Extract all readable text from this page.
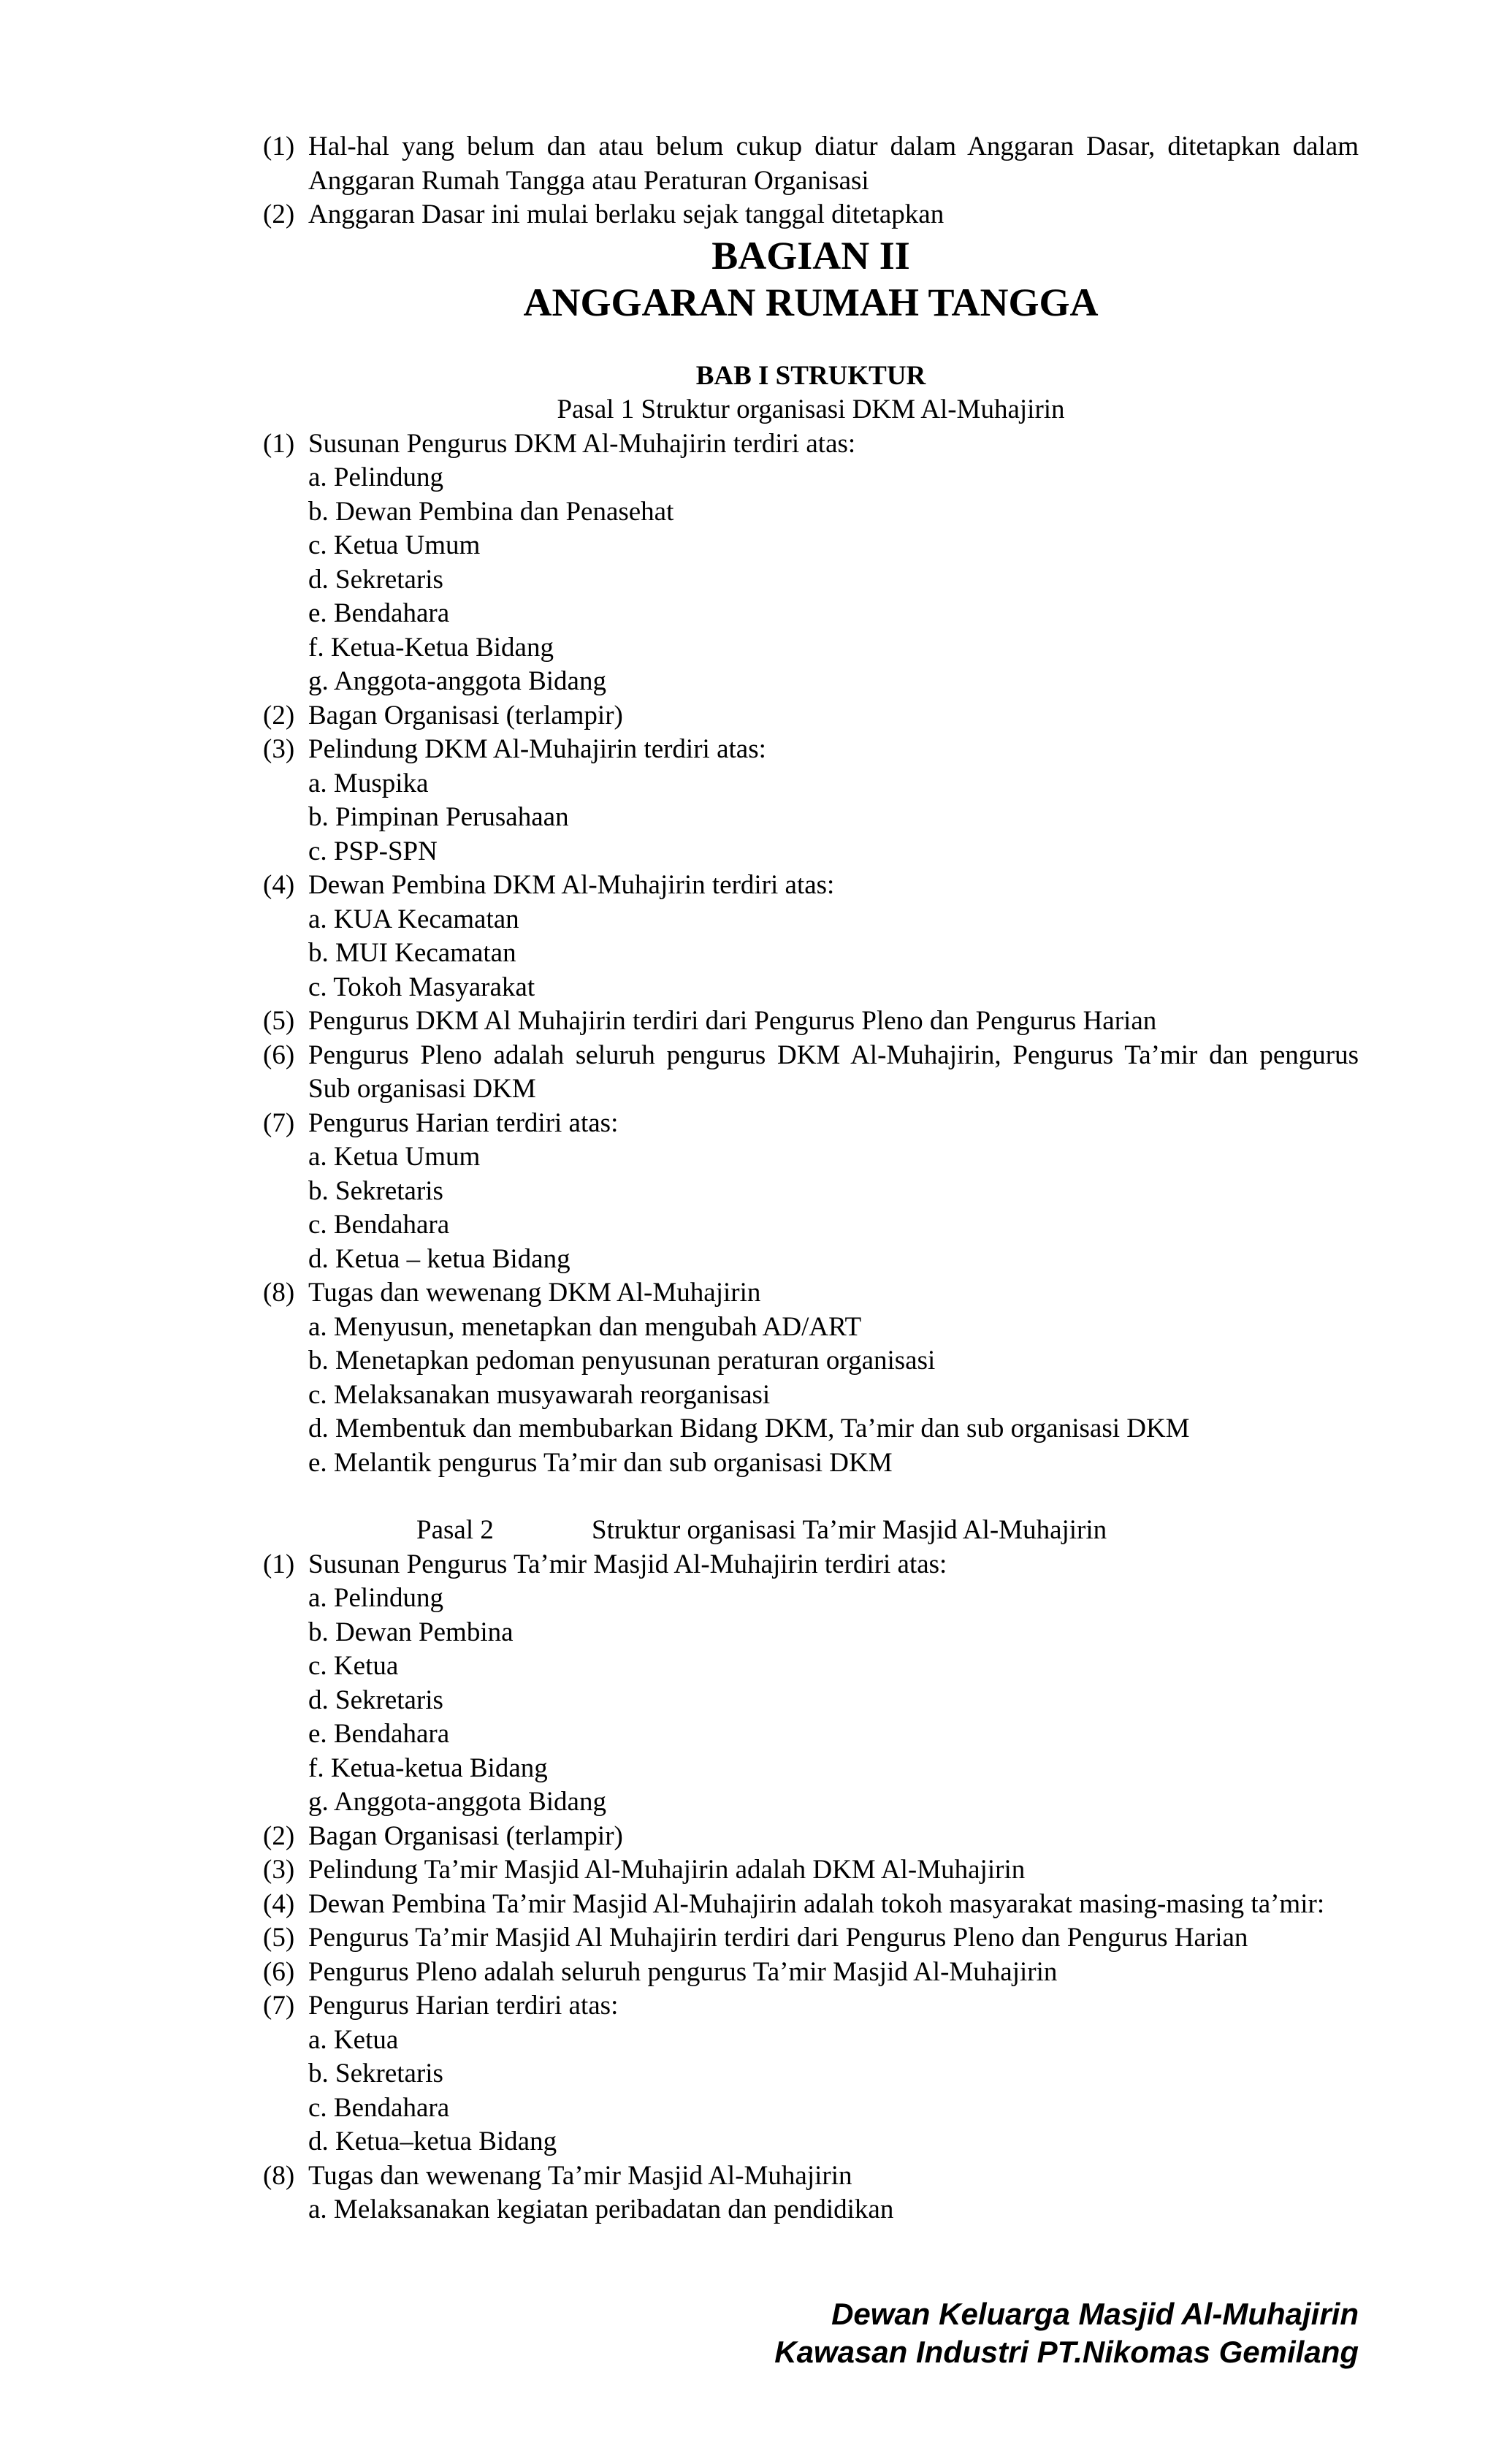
(1) Hal-hal yang belum dan atau belum cukup diatur dalam Anggaran Dasar, ditetapkan dalam Anggaran Rumah Tangga atau Peraturan Organisasi
(2) Anggaran Dasar ini mulai berlaku sejak tanggal ditetapkan
BAGIAN II
ANGGARAN RUMAH TANGGA
BAB I STRUKTUR
Pasal 1 Struktur organisasi DKM Al-Muhajirin
(1) Susunan Pengurus DKM Al-Muhajirin terdiri atas:
a. Pelindung
b. Dewan Pembina dan Penasehat
c. Ketua Umum
d. Sekretaris
e. Bendahara
f. Ketua-Ketua Bidang
g. Anggota-anggota Bidang
(2) Bagan Organisasi (terlampir)
(3) Pelindung DKM Al-Muhajirin terdiri atas:
a. Muspika
b. Pimpinan Perusahaan
c. PSP-SPN
(4) Dewan Pembina DKM Al-Muhajirin terdiri atas:
a. KUA Kecamatan
b. MUI Kecamatan
c. Tokoh Masyarakat
(5) Pengurus DKM Al Muhajirin terdiri dari Pengurus Pleno dan Pengurus Harian
(6) Pengurus Pleno adalah seluruh pengurus DKM Al-Muhajirin, Pengurus Ta’mir dan pengurus Sub organisasi DKM
(7) Pengurus Harian terdiri atas:
a. Ketua Umum
b. Sekretaris
c. Bendahara
d. Ketua – ketua Bidang
(8) Tugas dan wewenang DKM Al-Muhajirin
a. Menyusun, menetapkan dan mengubah AD/ART
b. Menetapkan pedoman penyusunan peraturan organisasi
c. Melaksanakan musyawarah reorganisasi
d. Membentuk dan membubarkan Bidang DKM, Ta’mir dan sub organisasi DKM
e. Melantik pengurus Ta’mir dan sub organisasi DKM
Pasal 2	Struktur organisasi Ta’mir Masjid Al-Muhajirin
(1) Susunan Pengurus Ta’mir Masjid Al-Muhajirin terdiri atas:
a. Pelindung
b. Dewan Pembina
c. Ketua
d. Sekretaris
e. Bendahara
f. Ketua-ketua Bidang
g. Anggota-anggota Bidang
(2) Bagan Organisasi (terlampir)
(3) Pelindung Ta’mir Masjid Al-Muhajirin adalah DKM Al-Muhajirin
(4) Dewan Pembina Ta’mir Masjid Al-Muhajirin adalah tokoh masyarakat masing-masing ta’mir:
(5) Pengurus Ta’mir Masjid Al Muhajirin terdiri dari Pengurus Pleno dan Pengurus Harian
(6) Pengurus Pleno adalah seluruh pengurus Ta’mir Masjid Al-Muhajirin
(7) Pengurus Harian terdiri atas:
a. Ketua
b. Sekretaris
c. Bendahara
d. Ketua–ketua Bidang
(8) Tugas dan wewenang Ta’mir Masjid Al-Muhajirin
a. Melaksanakan kegiatan peribadatan dan pendidikan
Dewan Keluarga Masjid Al-Muhajirin
Kawasan Industri PT.Nikomas Gemilang
